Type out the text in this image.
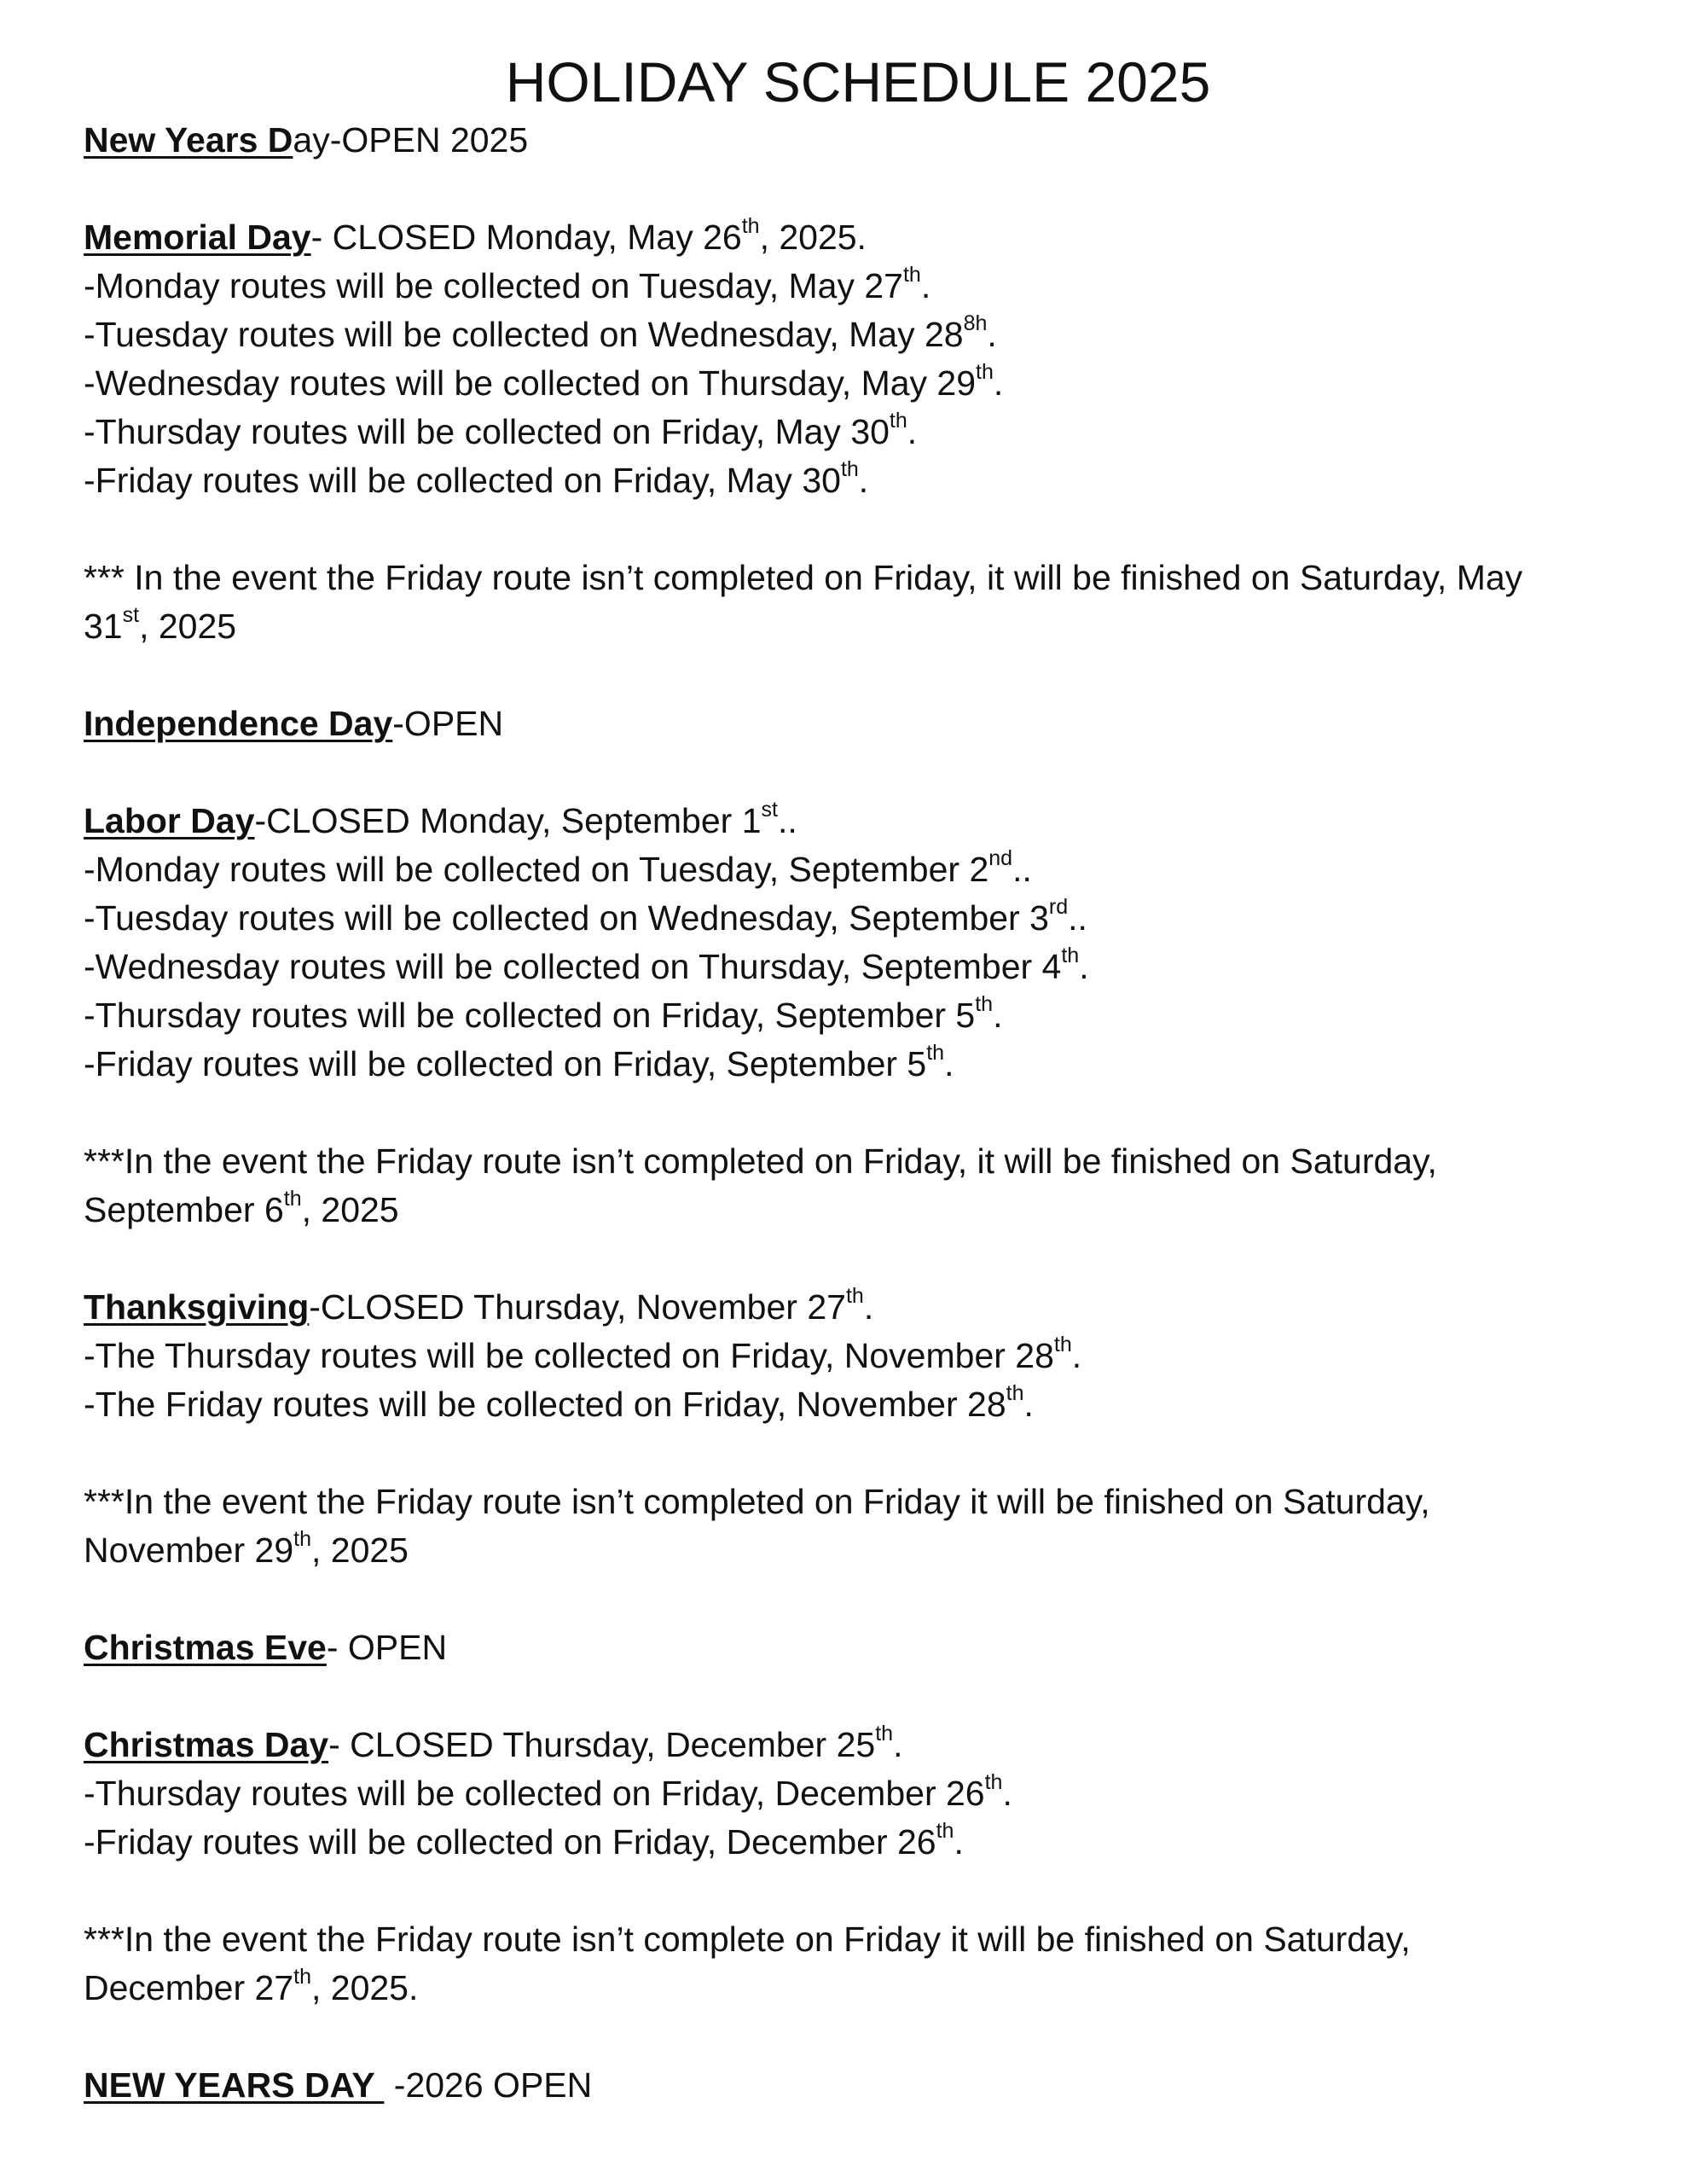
HOLIDAY SCHEDULE 2025
New Years Day-OPEN 2025
Memorial Day- CLOSED Monday, May 26th, 2025.
-Monday routes will be collected on Tuesday, May 27th.
-Tuesday routes will be collected on Wednesday, May $28^{8h}$.
-Wednesday routes will be collected on Thursday, May 29th.
-Thursday routes will be collected on Friday, May 30th.
-Friday routes will be collected on Friday, May 30th.
*** In the event the Friday route isn’t completed on Friday, it will be finished on Saturday, May
31st, 2025
Independence Day-OPEN
Labor Day-CLOSED Monday, September 1st..
-Monday routes will be collected on Tuesday, September 2nd..
-Tuesday routes will be collected on Wednesday, September 3rd..
-Wednesday routes will be collected on Thursday, September 4th.
-Thursday routes will be collected on Friday, September 5th.
-Friday routes will be collected on Friday, September 5th.
***In the event the Friday route isn’t completed on Friday, it will be finished on Saturday,
September 6th, 2025
Thanksgiving-CLOSED Thursday, November 27th.
-The Thursday routes will be collected on Friday, November 28th.
-The Friday routes will be collected on Friday, November 28th.
***In the event the Friday route isn’t completed on Friday it will be finished on Saturday,
November 29th, 2025
Christmas Eve- OPEN
Christmas Day- CLOSED Thursday, December 25th.
-Thursday routes will be collected on Friday, December 26th.
-Friday routes will be collected on Friday, December 26th.
***In the event the Friday route isn’t complete on Friday it will be finished on Saturday,
December 27th, 2025.
NEW YEARS DAY  -2026 OPEN
